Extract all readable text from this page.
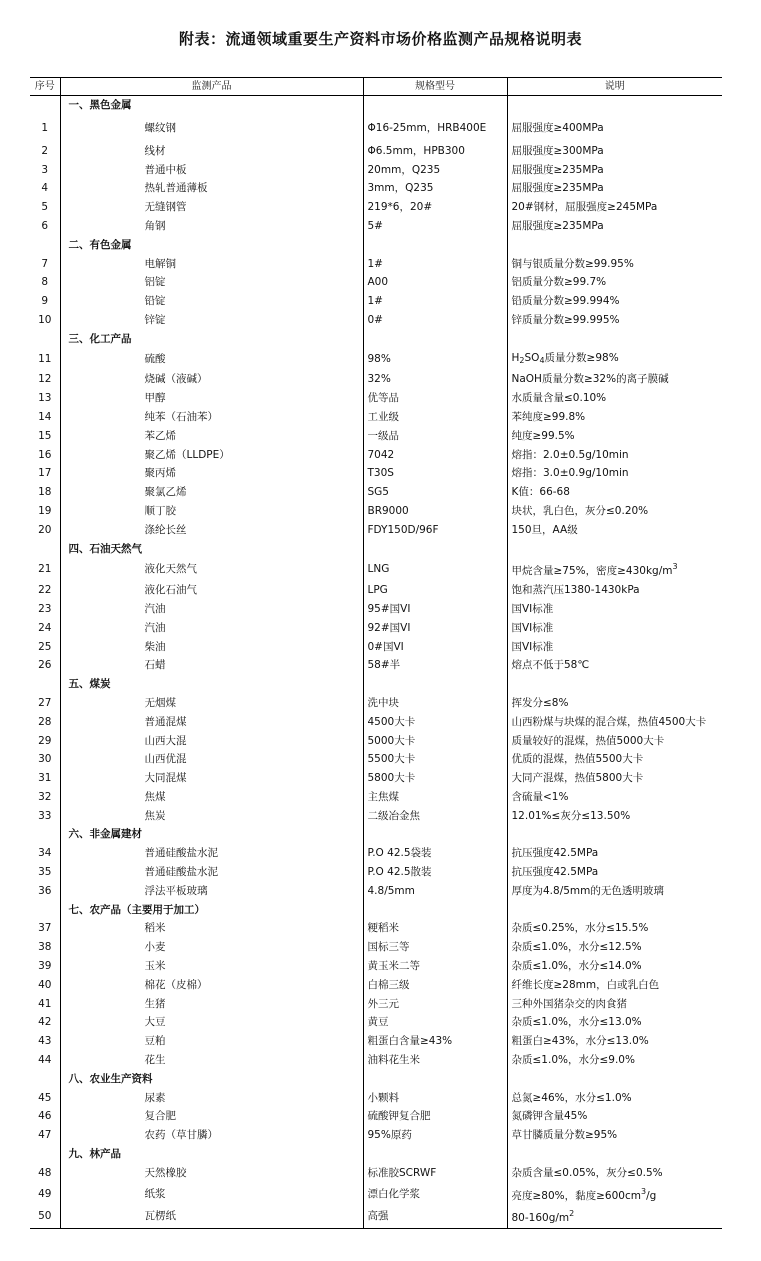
附表：流通领域重要生产资料市场价格监测产品规格说明表
序号	监测产品	规格型号	说明
	一、黑色金属		
1	螺纹钢	Φ16-25mm，HRB400E	屈服强度≥400MPa
2	线材	Φ6.5mm，HPB300	屈服强度≥300MPa
3	普通中板	20mm，Q235	屈服强度≥235MPa
4	热轧普通薄板	3mm，Q235	屈服强度≥235MPa
5	无缝钢管	219*6，20#	20#钢材，屈服强度≥245MPa
6	角钢	5#	屈服强度≥235MPa
	二、有色金属		
7	电解铜	1#	铜与银质量分数≥99.95%
8	铝锭	A00	铝质量分数≥99.7%
9	铅锭	1#	铅质量分数≥99.994%
10	锌锭	0#	锌质量分数≥99.995%
	三、化工产品		
11	硫酸	98%	$H_2SO_4$质量分数≥98%
12	烧碱（液碱）	32%	NaOH质量分数≥32%的离子膜碱
13	甲醇	优等品	水质量含量≤0.10%
14	纯苯（石油苯）	工业级	苯纯度≥99.8%
15	苯乙烯	一级品	纯度≥99.5%
16	聚乙烯（LLDPE）	7042	熔指：2.0±0.5g/10min
17	聚丙烯	T30S	熔指：3.0±0.9g/10min
18	聚氯乙烯	SG5	K值：66-68
19	顺丁胶	BR9000	块状，乳白色，灰分≤0.20%
20	涤纶长丝	FDY150D/96F	150旦，AA级
	四、石油天然气		
21	液化天然气	LNG	甲烷含量≥75%，密度$\ge 430kg/m^3$
22	液化石油气	LPG	饱和蒸汽压1380-1430kPa
23	汽油	95#国VI	国VI标准
24	汽油	92#国VI	国VI标准
25	柴油	0#国VI	国VI标准
26	石蜡	58#半	熔点不低于58℃
	五、煤炭		
27	无烟煤	洗中块	挥发分≤8%
28	普通混煤	4500大卡	山西粉煤与块煤的混合煤，热值4500大卡
29	山西大混	5000大卡	质量较好的混煤，热值5000大卡
30	山西优混	5500大卡	优质的混煤，热值5500大卡
31	大同混煤	5800大卡	大同产混煤，热值5800大卡
32	焦煤	主焦煤	含硫量<1%
33	焦炭	二级冶金焦	12.01%≤灰分≤13.50%
	六、非金属建材		
34	普通硅酸盐水泥	P.O 42.5袋装	抗压强度42.5MPa
35	普通硅酸盐水泥	P.O 42.5散装	抗压强度42.5MPa
36	浮法平板玻璃	4.8/5mm	厚度为4.8/5mm的无色透明玻璃
	七、农产品（主要用于加工）		
37	稻米	粳稻米	杂质≤0.25%，水分≤15.5%
38	小麦	国标三等	杂质≤1.0%，水分≤12.5%
39	玉米	黄玉米二等	杂质≤1.0%，水分≤14.0%
40	棉花（皮棉）	白棉三级	纤维长度≥28mm，白或乳白色
41	生猪	外三元	三种外国猪杂交的肉食猪
42	大豆	黄豆	杂质≤1.0%，水分≤13.0%
43	豆粕	粗蛋白含量≥43%	粗蛋白≥43%，水分≤13.0%
44	花生	油料花生米	杂质≤1.0%，水分≤9.0%
	八、农业生产资料		
45	尿素	小颗料	总氮≥46%，水分≤1.0%
46	复合肥	硫酸钾复合肥	氮磷钾含量45%
47	农药（草甘膦）	95%原药	草甘膦质量分数≥95%
	九、林产品		
48	天然橡胶	标准胶SCRWF	杂质含量≤0.05%，灰分≤0.5%
49	纸浆	漂白化学浆	亮度≥80%，黏度$\ge 600cm^3/g$
50	瓦楞纸	高强	$80-160g/m^2$
